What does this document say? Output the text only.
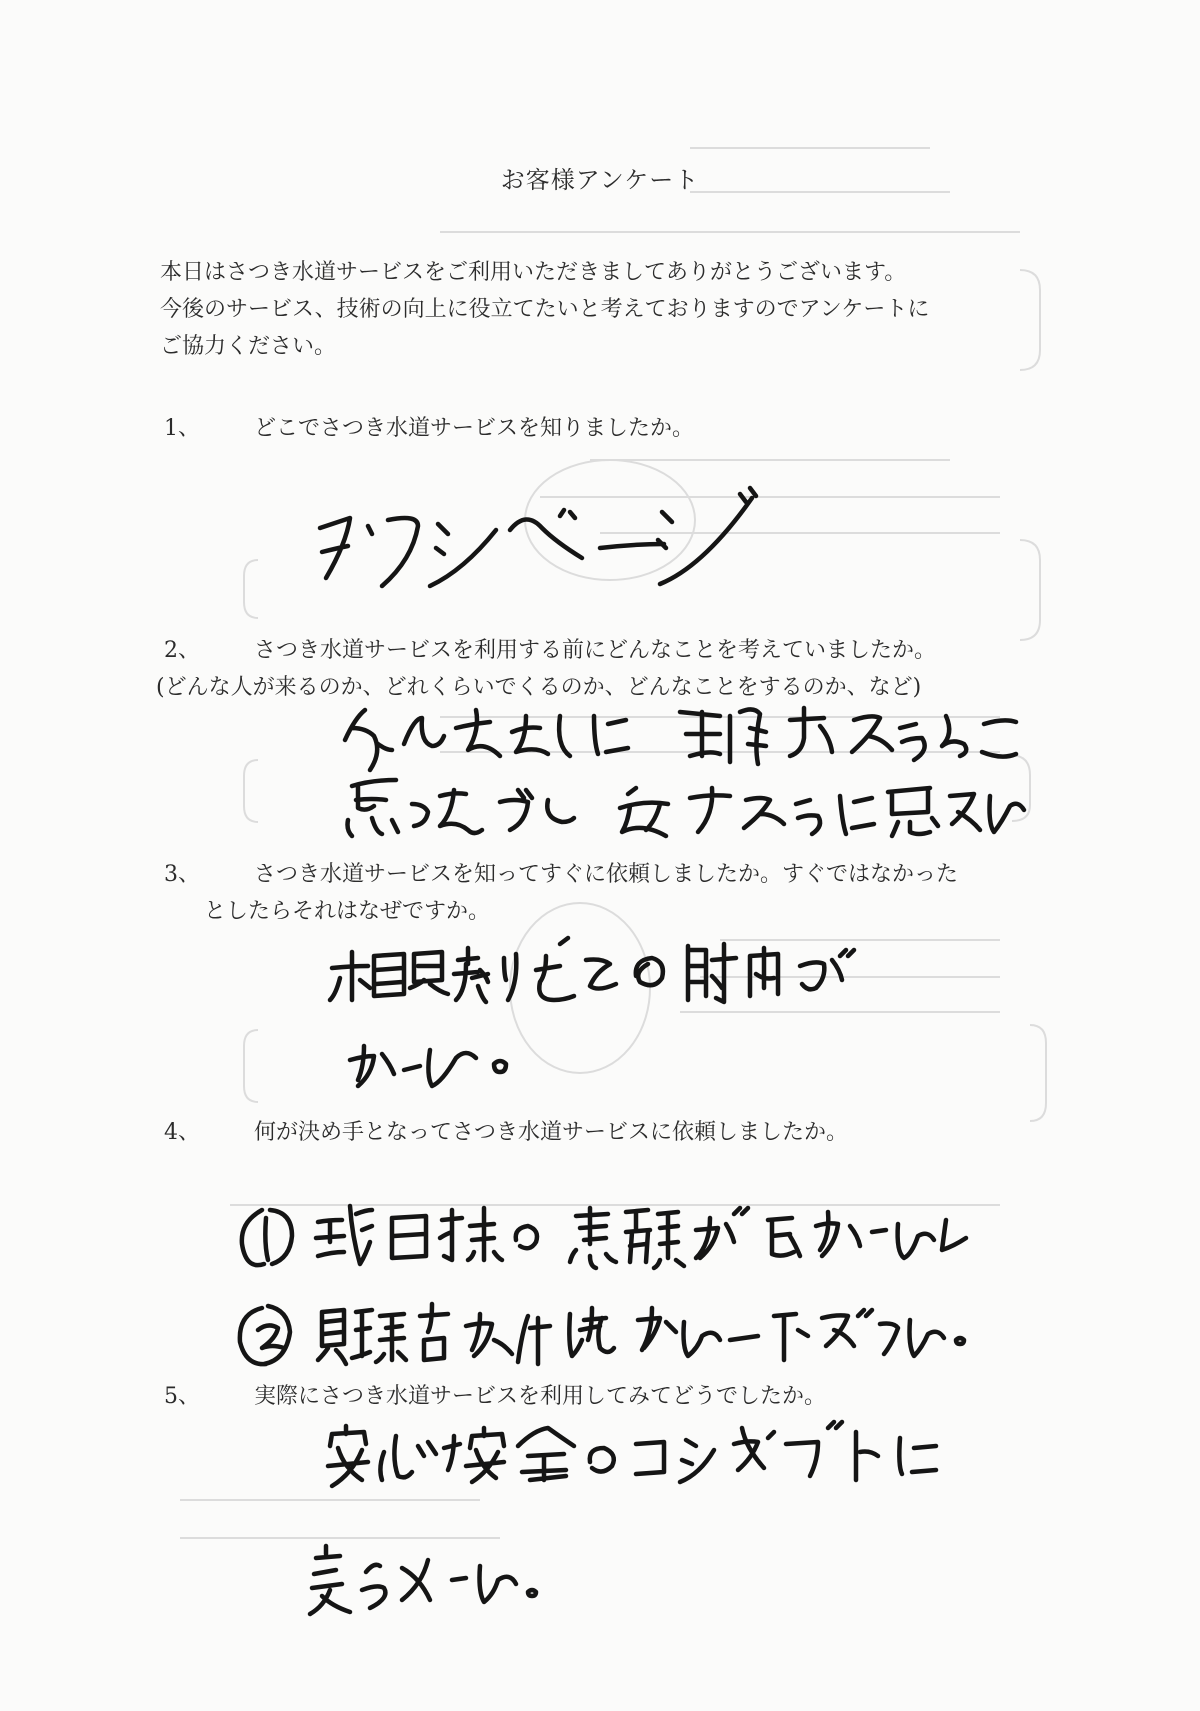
お客様アンケート

本日はさつき水道サービスをご利用いただきましてありがとうございます。

今後のサービス、技術の向上に役立てたいと考えておりますのでアンケートに

ご協力ください。

1、 どこでさつき水道サービスを知りましたか。
2、 さつき水道サービスを利用する前にどんなことを考えていましたか。
(どんな人が来るのか、どれくらいでくるのか、どんなことをするのか、など)
3、 さつき水道サービスを知ってすぐに依頼しましたか。すぐではなかった
としたらそれはなぜですか。
4、 何が決め手となってさつき水道サービスに依頼しましたか。
5、 実際にさつき水道サービスを利用してみてどうでしたか。
